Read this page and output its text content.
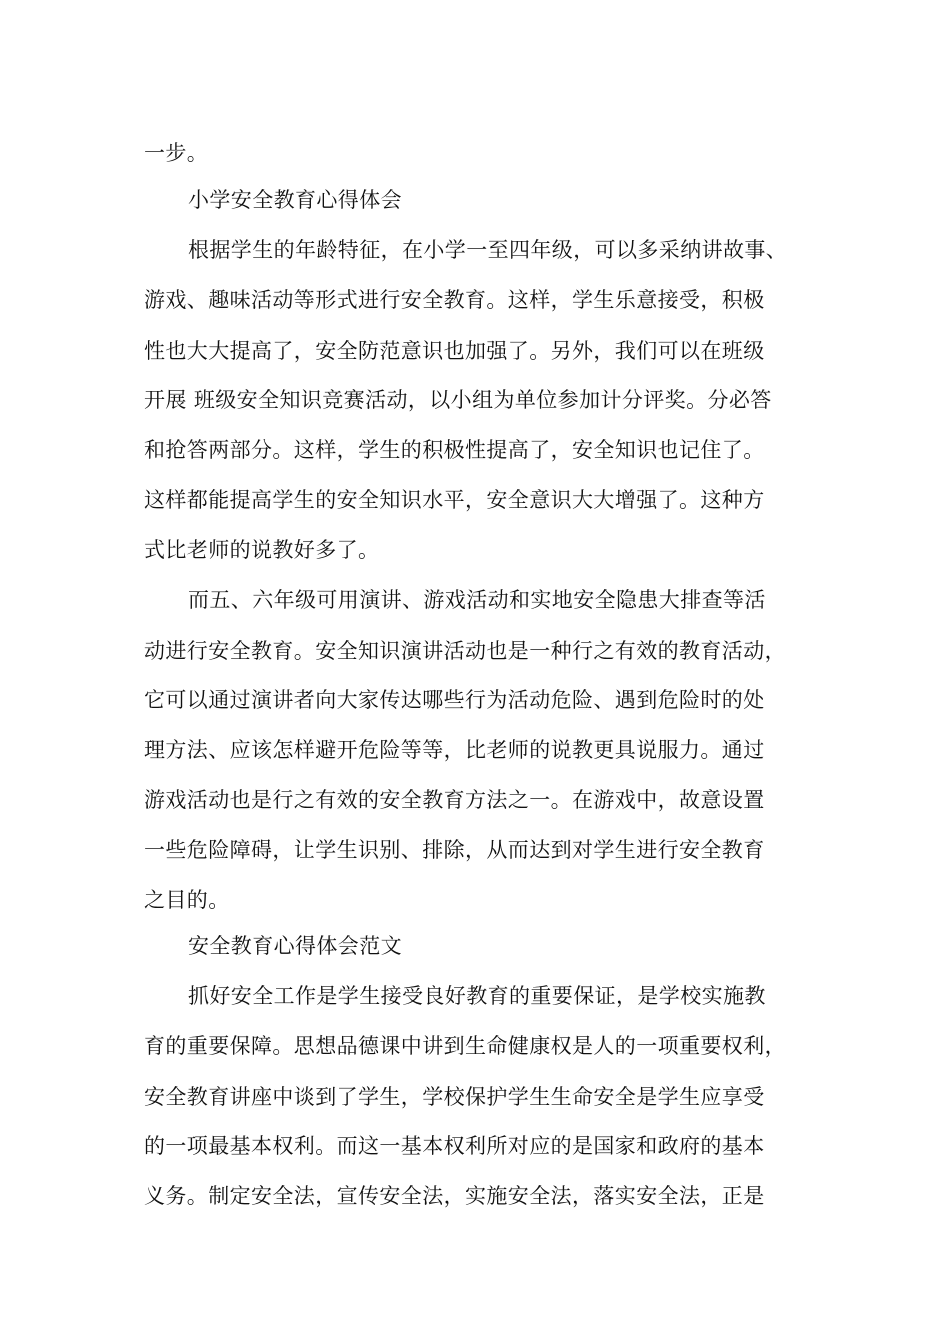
一步。
小学安全教育心得体会
根据学生的年龄特征，在小学一至四年级，可以多采纳讲故事、
游戏、趣味活动等形式进行安全教育。这样，学生乐意接受，积极
性也大大提高了，安全防范意识也加强了。另外，我们可以在班级
开展 班级安全知识竞赛活动，以小组为单位参加计分评奖。分必答
和抢答两部分。这样，学生的积极性提高了，安全知识也记住了。
这样都能提高学生的安全知识水平，安全意识大大增强了。这种方
式比老师的说教好多了。
而五、六年级可用演讲、游戏活动和实地安全隐患大排查等活
动进行安全教育。安全知识演讲活动也是一种行之有效的教育活动，
它可以通过演讲者向大家传达哪些行为活动危险、遇到危险时的处
理方法、应该怎样避开危险等等，比老师的说教更具说服力。通过
游戏活动也是行之有效的安全教育方法之一。在游戏中，故意设置
一些危险障碍，让学生识别、排除，从而达到对学生进行安全教育
之目的。
安全教育心得体会范文
抓好安全工作是学生接受良好教育的重要保证，是学校实施教
育的重要保障。思想品德课中讲到生命健康权是人的一项重要权利，
安全教育讲座中谈到了学生，学校保护学生生命安全是学生应享受
的一项最基本权利。而这一基本权利所对应的是国家和政府的基本
义务。制定安全法，宣传安全法，实施安全法，落实安全法，正是
